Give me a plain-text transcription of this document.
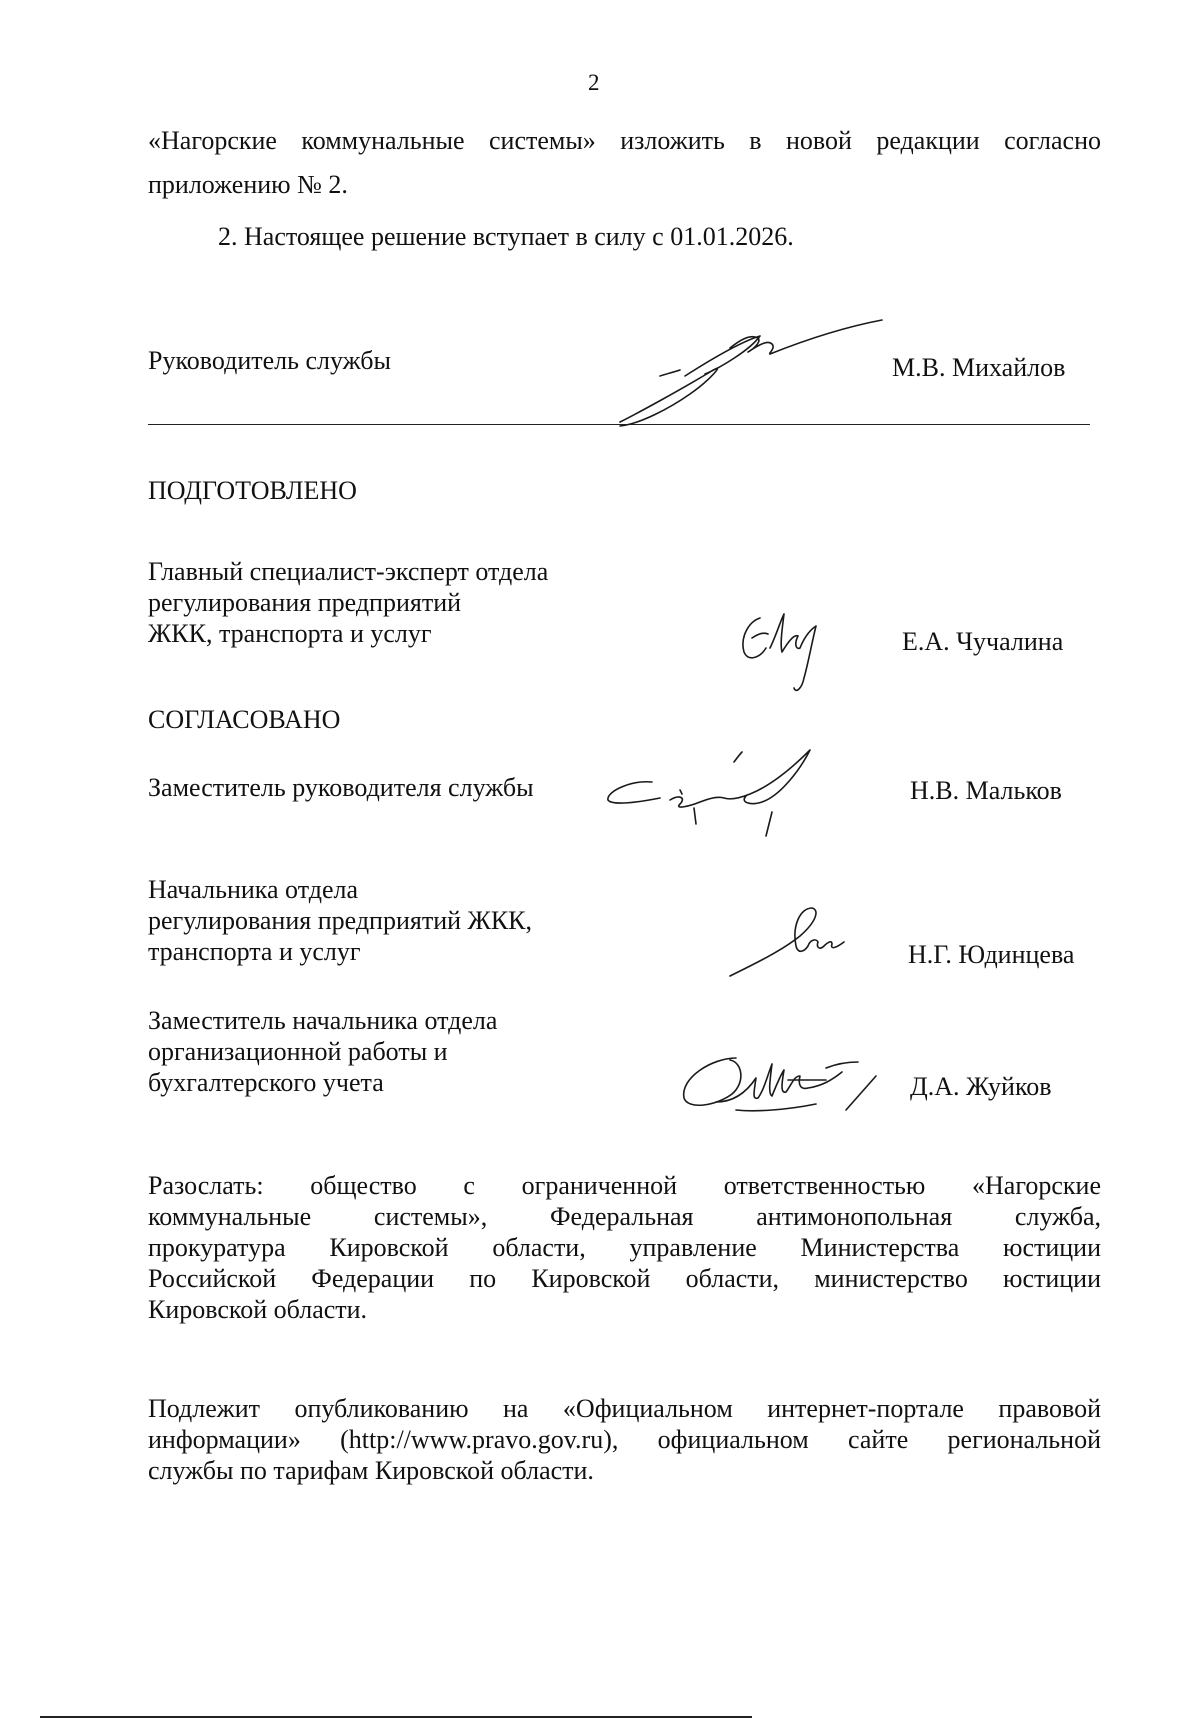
2
«Нагорские коммунальные системы» изложить в новой редакции согласно
приложению № 2.
2. Настоящее решение вступает в силу с 01.01.2026.
Руководитель службы	М.В. Михайлов
ПОДГОТОВЛЕНО
Главный специалист-эксперт отдела
регулирования предприятий
ЖКК, транспорта и услуг	Е.А. Чучалина
СОГЛАСОВАНО
Заместитель руководителя службы	Н.В. Мальков
Начальника отдела
регулирования предприятий ЖКК,
транспорта и услуг	Н.Г. Юдинцева
Заместитель начальника отдела
организационной работы и
бухгалтерского учета	Д.А. Жуйков
Разослать: общество с ограниченной ответственностью «Нагорские
коммунальные системы», Федеральная антимонопольная служба,
прокуратура Кировской области, управление Министерства юстиции
Российской Федерации по Кировской области, министерство юстиции
Кировской области.
Подлежит опубликованию на «Официальном интернет-портале правовой
информации» (http://www.pravo.gov.ru), официальном сайте региональной
службы по тарифам Кировской области.
